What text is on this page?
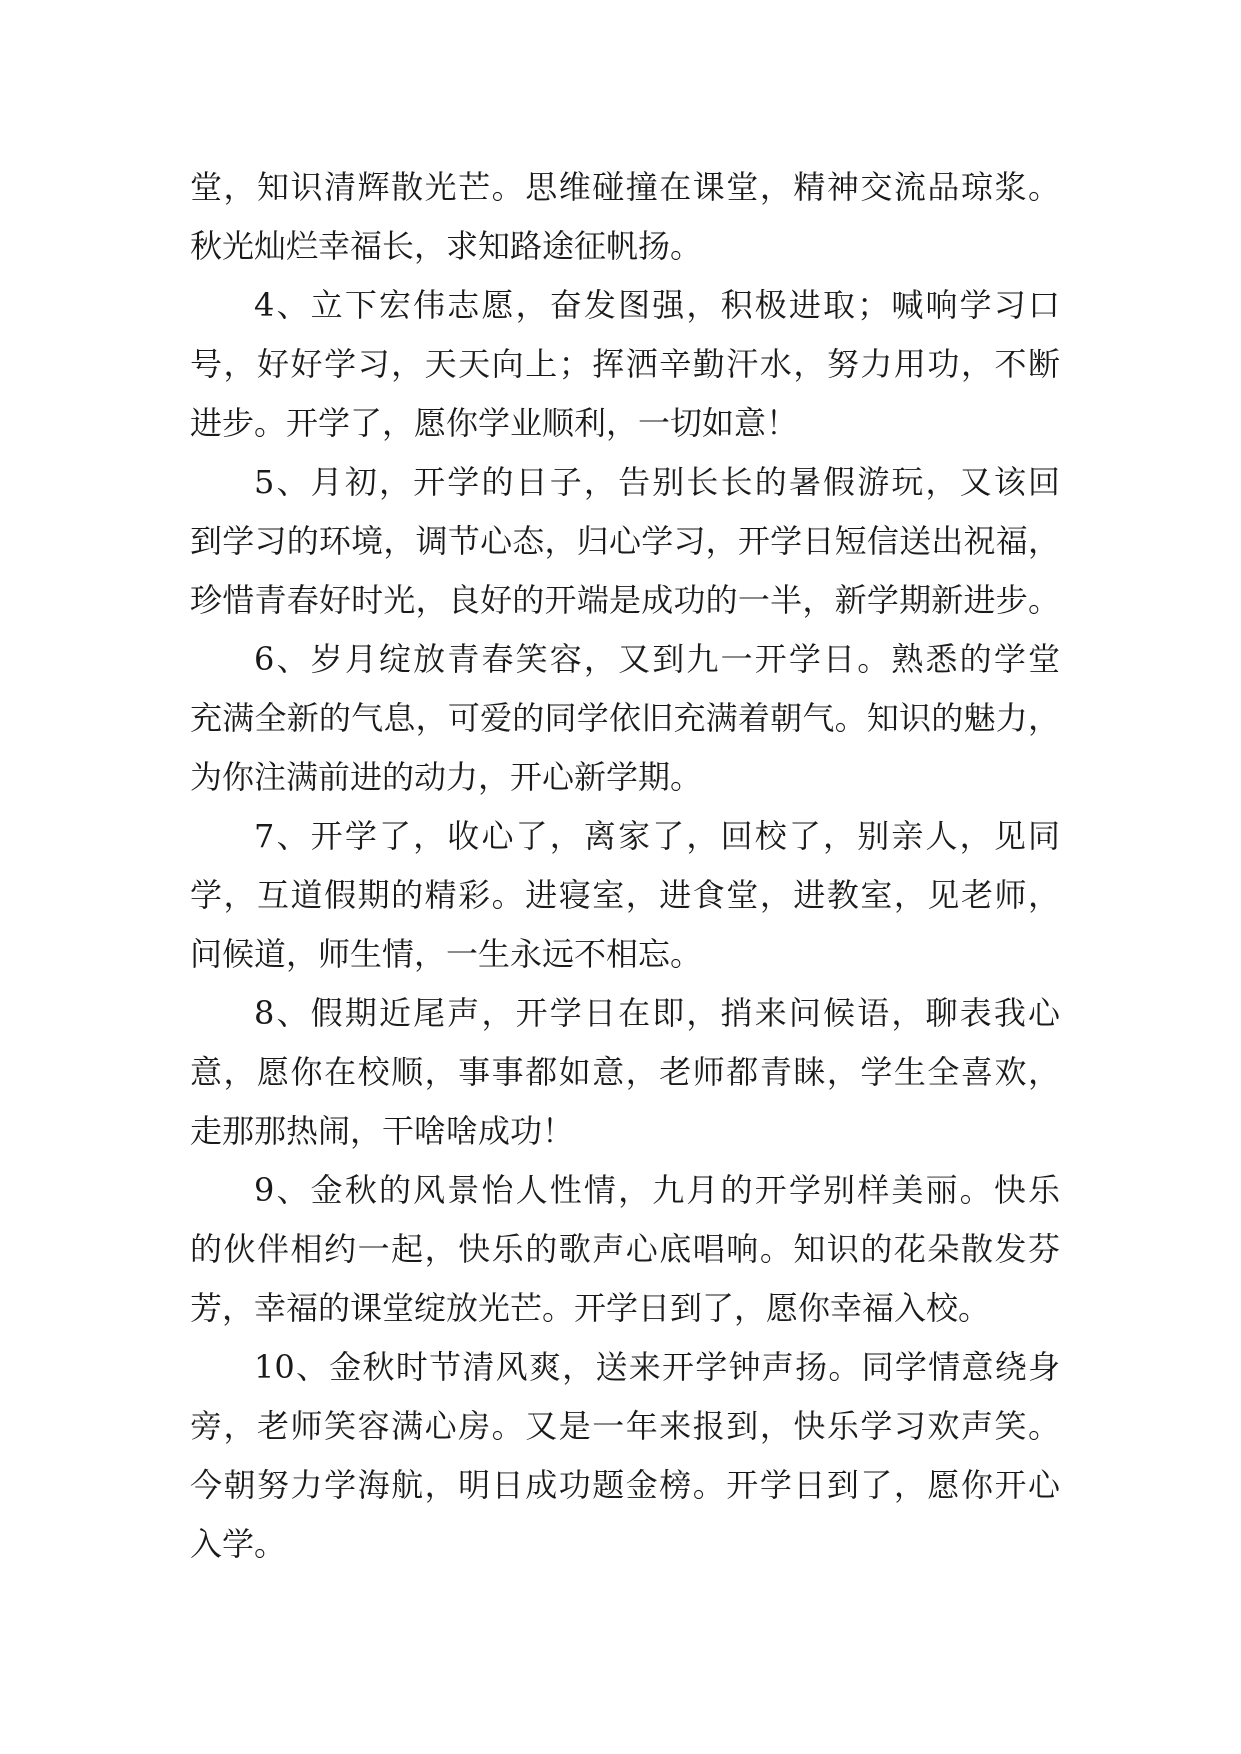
堂，知识清辉散光芒。思维碰撞在课堂，精神交流品琼浆。
秋光灿烂幸福长，求知路途征帆扬。
4、立下宏伟志愿，奋发图强，积极进取；喊响学习口
号，好好学习，天天向上；挥洒辛勤汗水，努力用功，不断
进步。开学了，愿你学业顺利，一切如意！
5、月初，开学的日子，告别长长的暑假游玩，又该回
到学习的环境，调节心态，归心学习，开学日短信送出祝福，
珍惜青春好时光，良好的开端是成功的一半，新学期新进步。
6、岁月绽放青春笑容，又到九一开学日。熟悉的学堂
充满全新的气息，可爱的同学依旧充满着朝气。知识的魅力，
为你注满前进的动力，开心新学期。
7、开学了，收心了，离家了，回校了，别亲人，见同
学，互道假期的精彩。进寝室，进食堂，进教室，见老师，
问候道，师生情，一生永远不相忘。
8、假期近尾声，开学日在即，捎来问候语，聊表我心
意，愿你在校顺，事事都如意，老师都青睐，学生全喜欢，
走那那热闹，干啥啥成功！
9、金秋的风景怡人性情，九月的开学别样美丽。快乐
的伙伴相约一起，快乐的歌声心底唱响。知识的花朵散发芬
芳，幸福的课堂绽放光芒。开学日到了，愿你幸福入校。
10、金秋时节清风爽，送来开学钟声扬。同学情意绕身
旁，老师笑容满心房。又是一年来报到，快乐学习欢声笑。
今朝努力学海航，明日成功题金榜。开学日到了，愿你开心
入学。
